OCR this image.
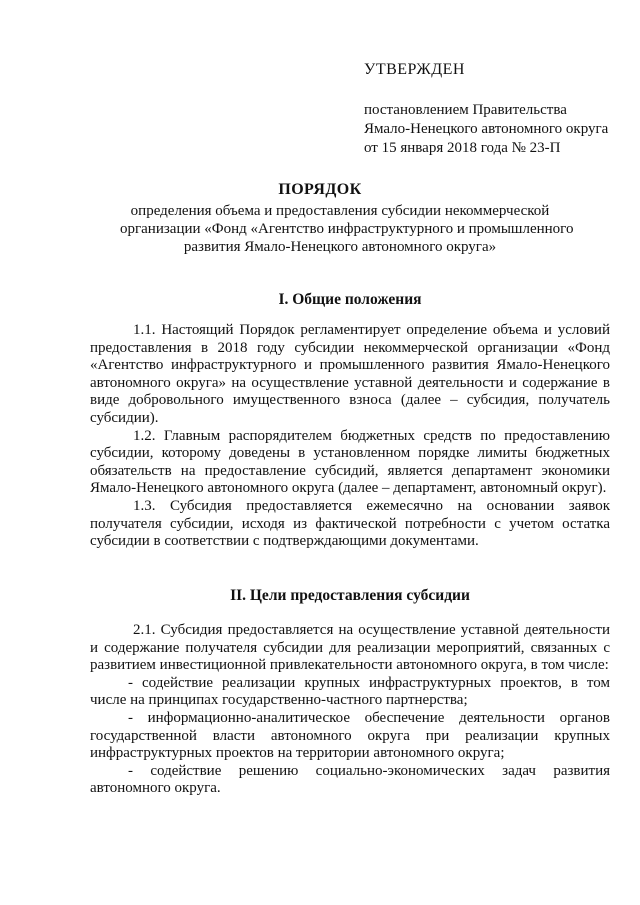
УТВЕРЖДЕН
постановлением Правительства
Ямало-Ненецкого автономного округа
от 15 января 2018 года № 23-П
ПОРЯДОК
определения объема и предоставления субсидии некоммерческой
организации «Фонд «Агентство инфраструктурного и промышленного
развития Ямало-Ненецкого автономного округа»
I. Общие положения

1.1. Настоящий Порядок регламентирует определение объема и условий предоставления в 2018 году субсидии некоммерческой организации «Фонд «Агентство инфраструктурного и промышленного развития Ямало-Ненецкого автономного округа» на осуществление уставной деятельности и содержание в виде добровольного имущественного взноса (далее – субсидия, получатель субсидии).

1.2. Главным распорядителем бюджетных средств по предоставлению субсидии, которому доведены в установленном порядке лимиты бюджетных обязательств на предоставление субсидий, является департамент экономики Ямало-Ненецкого автономного округа (далее – департамент, автономный округ).

1.3. Субсидия предоставляется ежемесячно на основании заявок получателя субсидии, исходя из фактической потребности с учетом остатка субсидии в соответствии с подтверждающими документами.

II. Цели предоставления субсидии

2.1. Субсидия предоставляется на осуществление уставной деятельности и содержание получателя субсидии для реализации мероприятий, связанных с развитием инвестиционной привлекательности автономного округа, в том числе:

- содействие реализации крупных инфраструктурных проектов, в том числе на принципах государственно-частного партнерства;

- информационно-аналитическое обеспечение деятельности органов государственной власти автономного округа при реализации крупных инфраструктурных проектов на территории автономного округа;

- содействие решению социально-экономических задач развития автономного округа.
